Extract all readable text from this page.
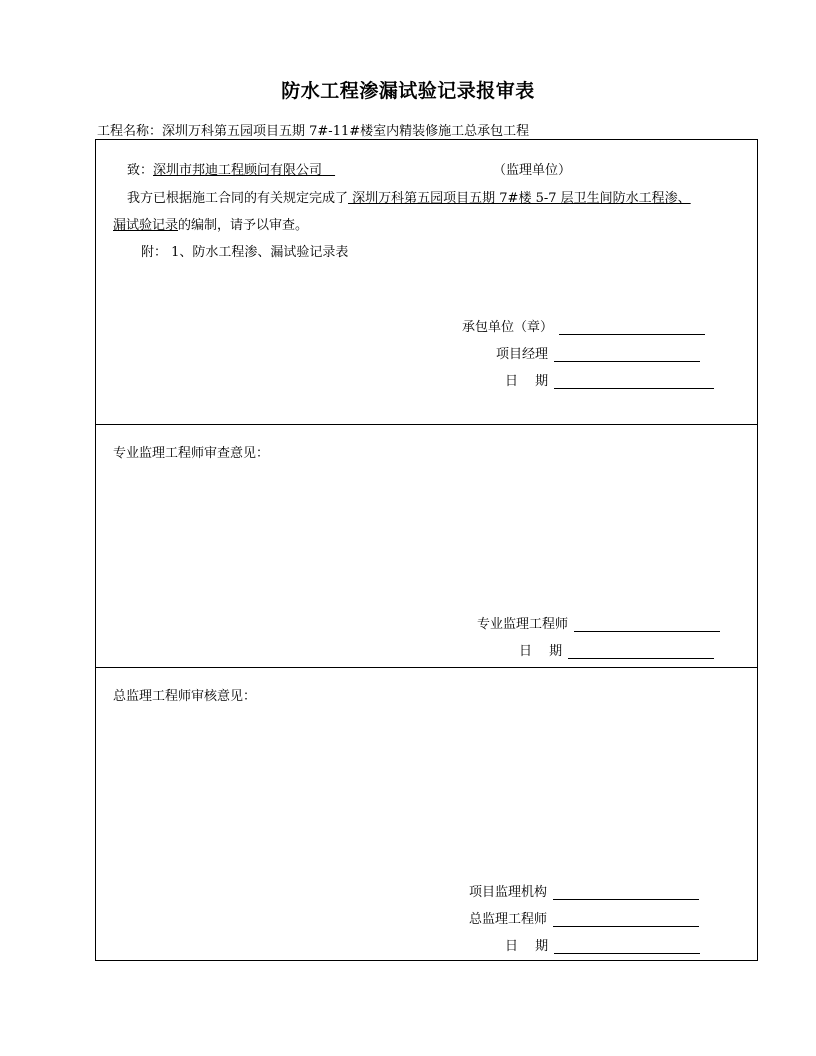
防水工程渗漏试验记录报审表
工程名称：深圳万科第五园项目五期 7#-11#楼室内精装修施工总承包工程
致：深圳市邦迪工程顾问有限公司　	（监理单位）
我方已根据施工合同的有关规定完成了 深圳万科第五园项目五期 7#楼 5-7 层卫生间防水工程渗、
漏试验记录的编制，请予以审查。
附： 1、防水工程渗、漏试验记录表
承包单位（章）
项目经理
日　 期
专业监理工程师审查意见：
专业监理工程师
日　 期
总监理工程师审核意见：
项目监理机构
总监理工程师
日　 期
